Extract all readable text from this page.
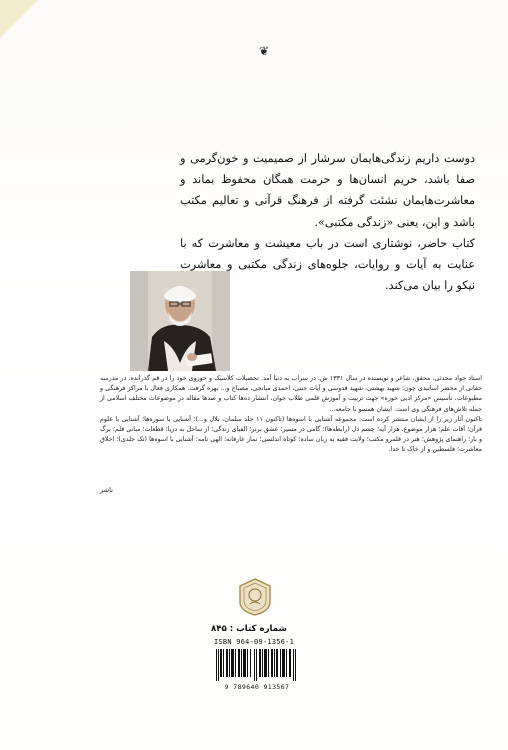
❦

دوست داریم زندگی‌هایمان سرشار از صمیمیت و خون‌گرمی و صفا باشد، حریم انسان‌ها و حرمت همگان محفوظ بماند و معاشرت‌هایمان نشئت گرفته از فرهنگ قرآنی و تعالیم مکتب باشد و این، یعنی «زندگی مکتبی».

کتاب حاضر، نوشتاری است در باب معیشت و معاشرت که با عنایت به آیات و روایات، جلوه‌های زندگی مکتبی و معاشرت نیکو را بیان می‌کند.

استاد جواد محدثی، محقق، شاعر و نویسنده در سال ۱۳۳۱ ش. در سراب به دنیا آمد. تحصیلات کلاسیک و حوزوی خود را در قم گذرانده. در مدرسه حقانی از محضر اساتیدی چون: شهید بهشتی، شهید قدوسی و آیات جنتی، احمدی میانجی، مصباح و... بهره گرفت. همکاری فعال با مراکز فرهنگی و مطبوعات، تأسیس «مرکز ادبی حوزه» جهت تربیت و آموزش قلمی طلاب جوان، انتشار ده‌ها کتاب و صدها مقاله در موضوعات مختلف اسلامی از جمله تلاش‌های فرهنگی وی است. ایشان همسو با جامعه...

تاکنون آثار زیر را از ایشان منتشر کرده است: مجموعه آشنایی با اسوه‌ها (تاکنون ۱۱ جلد سلمان، بلال و...)؛ آشنایی با سوره‌ها؛ آشنایی با علوم قرآن؛ آفات علم؛ هزار موضوع، هزار آیه؛ چشم دل (رابطه‌ها)؛ گامی در مسیر؛ عشق برتر؛ الفبای زندگی؛ از ساحل به دریا؛ قطعات؛ مبانی قلم؛ برگ و بار؛ راهنمای پژوهش؛ هنر در قلمرو مکتب؛ ولایت فقیه به زبان ساده؛ کوتاه اندلسی؛ نماز عارفانه؛ الهی نامه؛ آشنایی با اسوه‌ها (تک جلدی)؛ اخلاق معاشرت؛ فلسطین و از خاک تا خدا.

ناشر
شماره کتاب : ۸۴۵
ISBN 964-09-1356-1
9 789640 913567
